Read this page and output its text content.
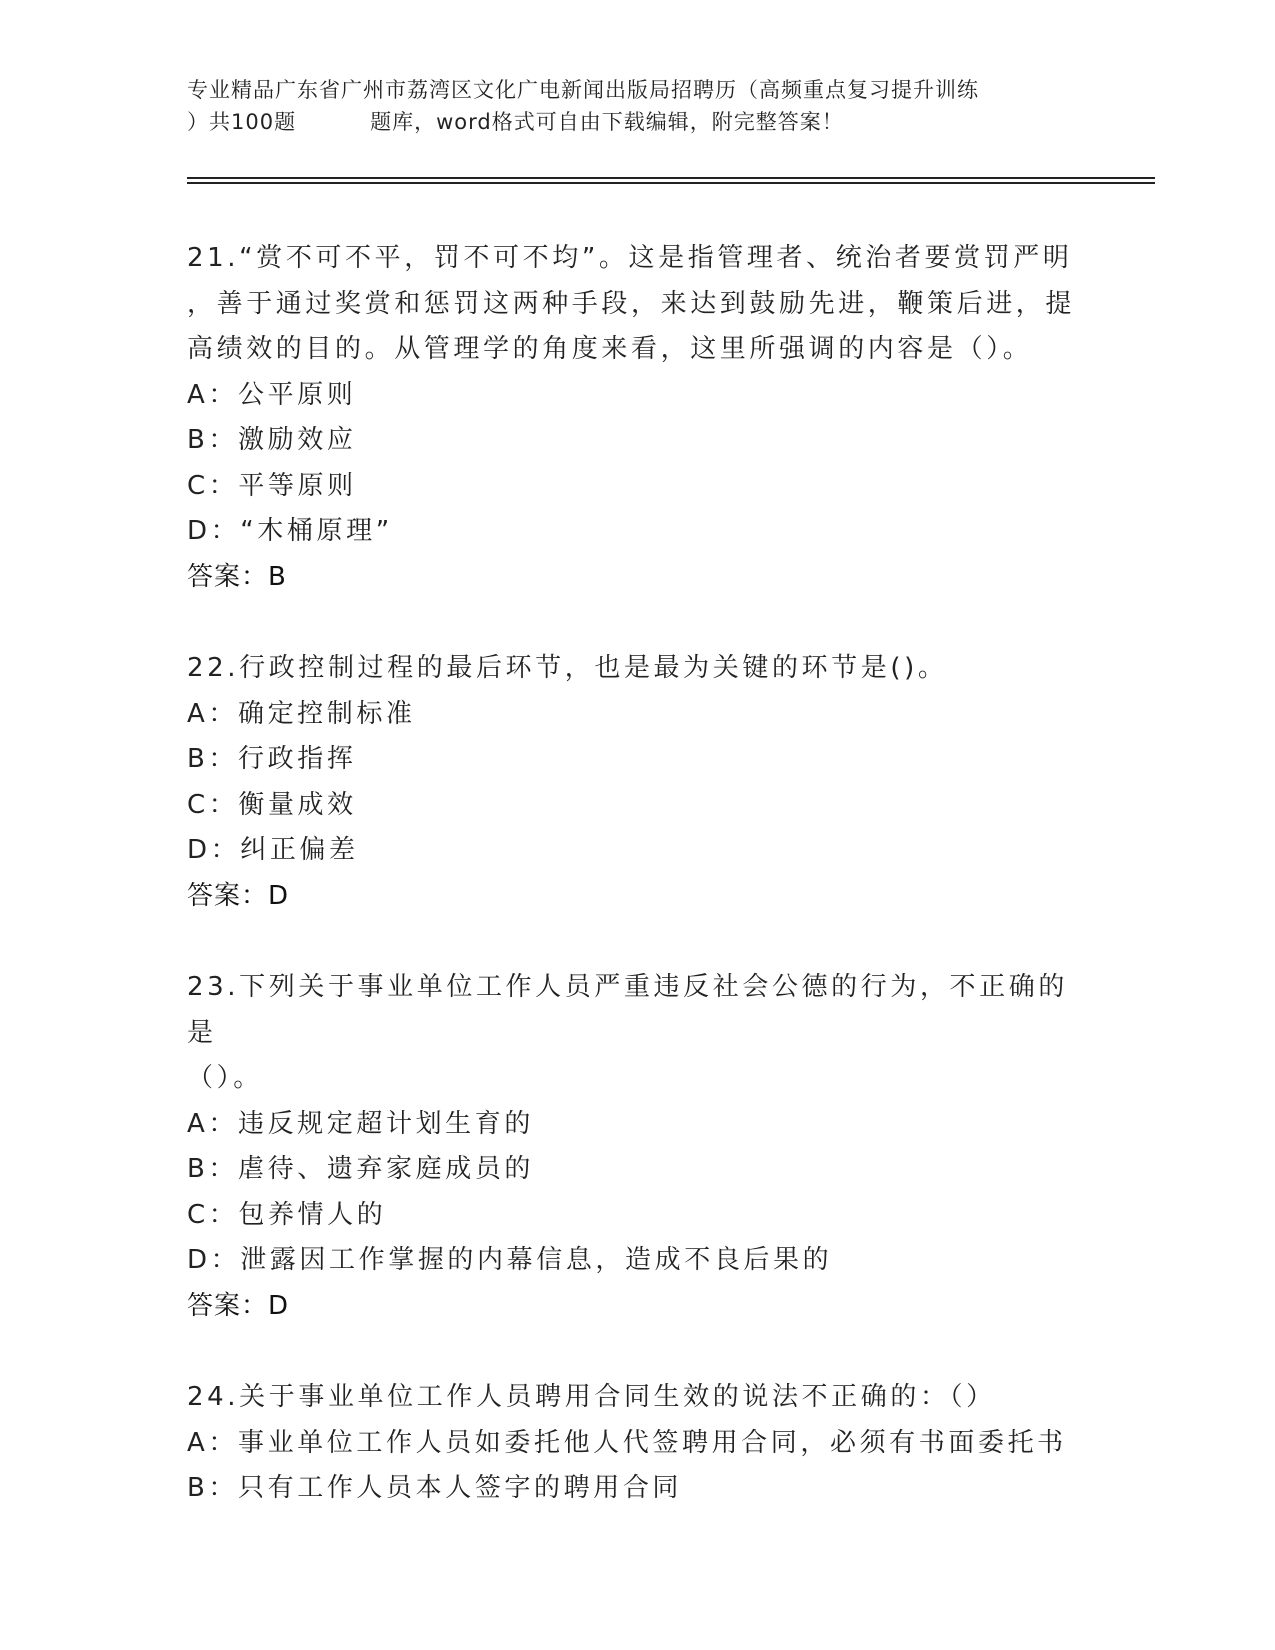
专业精品广东省广州市荔湾区文化广电新闻出版局招聘历（高频重点复习提升训练
）共100题	题库，word格式可自由下载编辑，附完整答案！
21.“赏不可不平，罚不可不均”。这是指管理者、统治者要赏罚严明
，善于通过奖赏和惩罚这两种手段，来达到鼓励先进，鞭策后进，提
高绩效的目的。从管理学的角度来看，这里所强调的内容是（）。
A：公平原则
B：激励效应
C：平等原则
D：“木桶原理”
答案：B
22.行政控制过程的最后环节，也是最为关键的环节是()。
A：确定控制标准
B：行政指挥
C：衡量成效
D：纠正偏差
答案：D
23.下列关于事业单位工作人员严重违反社会公德的行为，不正确的是
（）。
A：违反规定超计划生育的
B：虐待、遗弃家庭成员的
C：包养情人的
D：泄露因工作掌握的内幕信息，造成不良后果的
答案：D
24.关于事业单位工作人员聘用合同生效的说法不正确的：（）
A：事业单位工作人员如委托他人代签聘用合同，必须有书面委托书
B：只有工作人员本人签字的聘用合同
